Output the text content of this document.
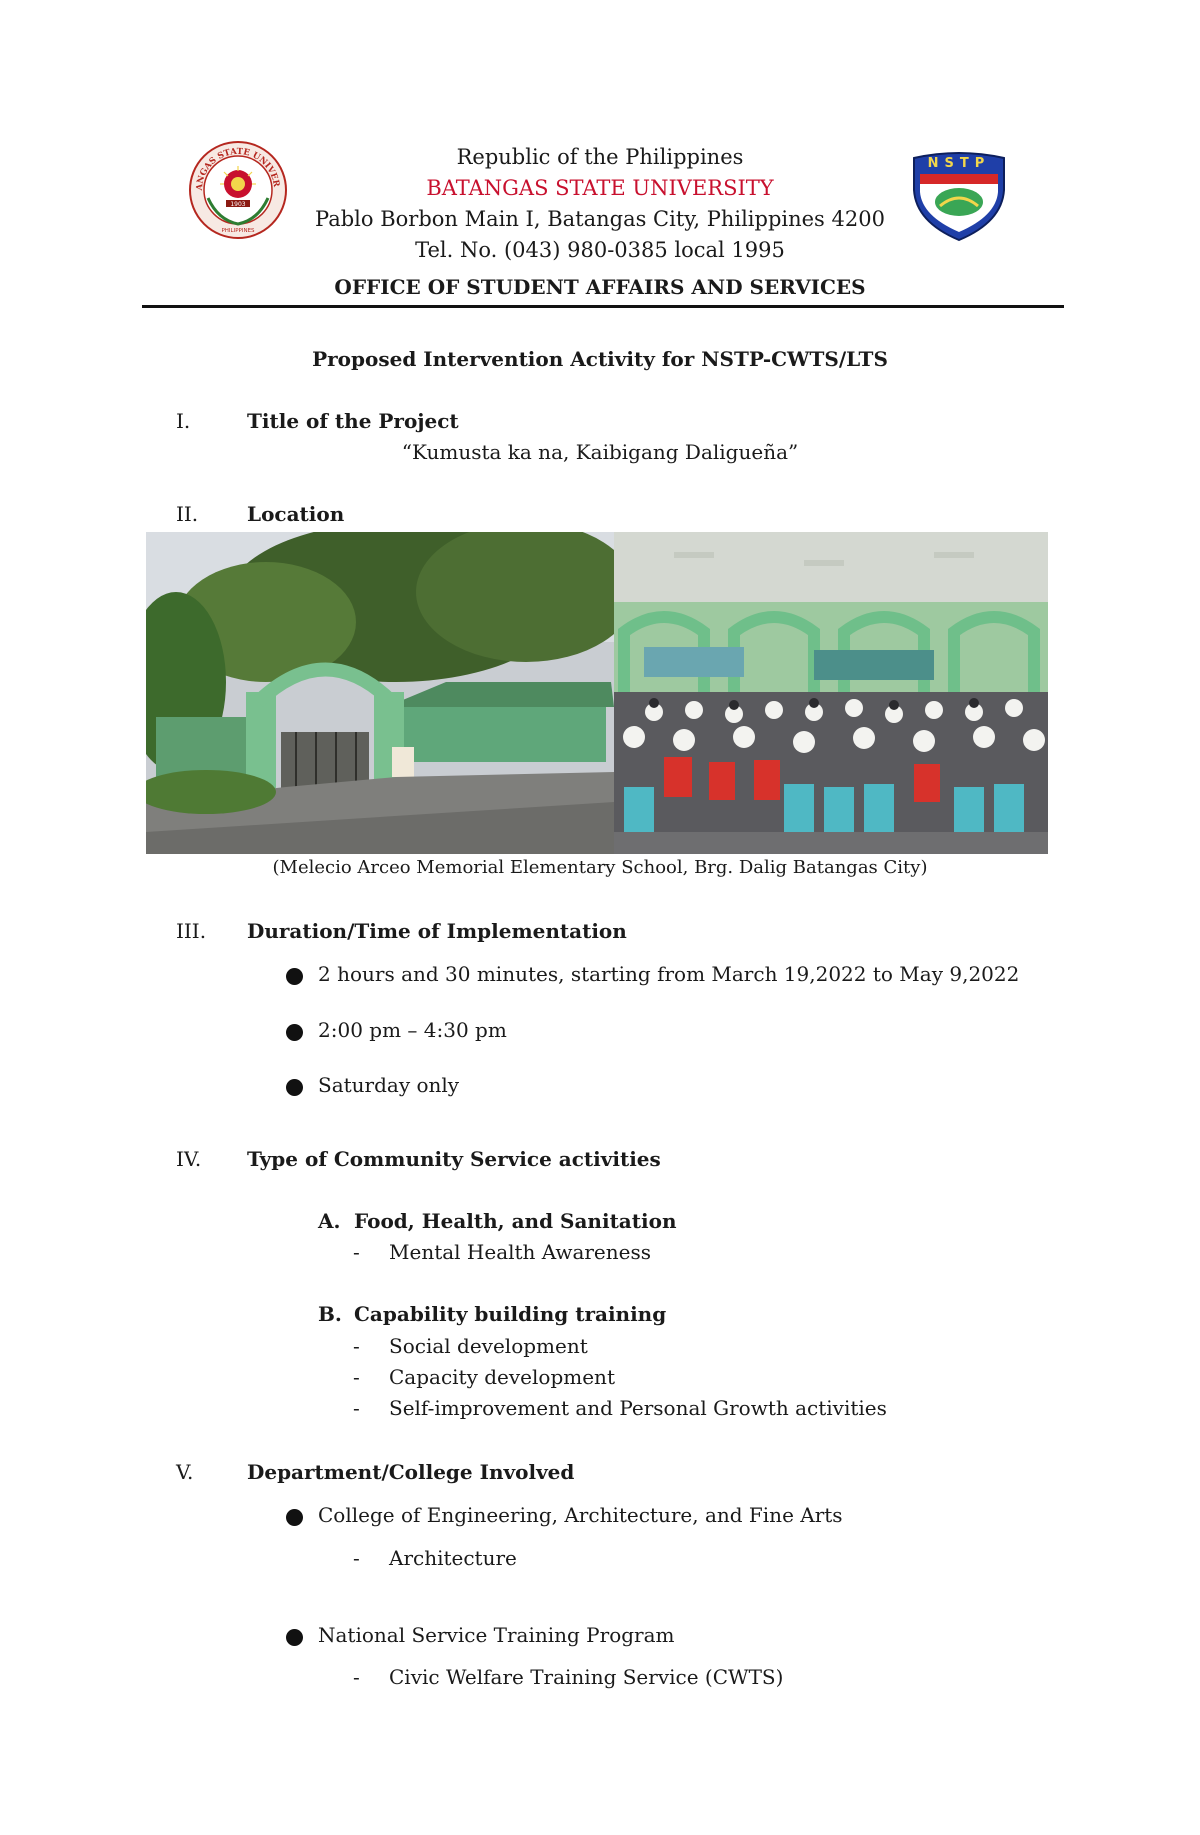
ANGAS STATE UNIVER
1903
PHILIPPINES
NSTP
Republic of the Philippines
BATANGAS STATE UNIVERSITY
Pablo Borbon Main I, Batangas City, Philippines 4200
Tel. No. (043) 980-0385 local 1995
OFFICE OF STUDENT AFFAIRS AND SERVICES
Proposed Intervention Activity for NSTP-CWTS/LTS
I.	Title of the Project
“Kumusta ka na, Kaibigang Daligueña”
II. Location
(Melecio Arceo Memorial Elementary School, Brg. Dalig Batangas City)
III. Duration/Time of Implementation
2 hours and 30 minutes, starting from March 19,2022 to May 9,2022
2:00 pm – 4:30 pm
Saturday only
IV. Type of Community Service activities
A. Food, Health, and Sanitation
- Mental Health Awareness
B. Capability building training
- Social development
- Capacity development
- Self-improvement and Personal Growth activities
V.	Department/College Involved
College of Engineering, Architecture, and Fine Arts
- Architecture
National Service Training Program
- Civic Welfare Training Service (CWTS)
